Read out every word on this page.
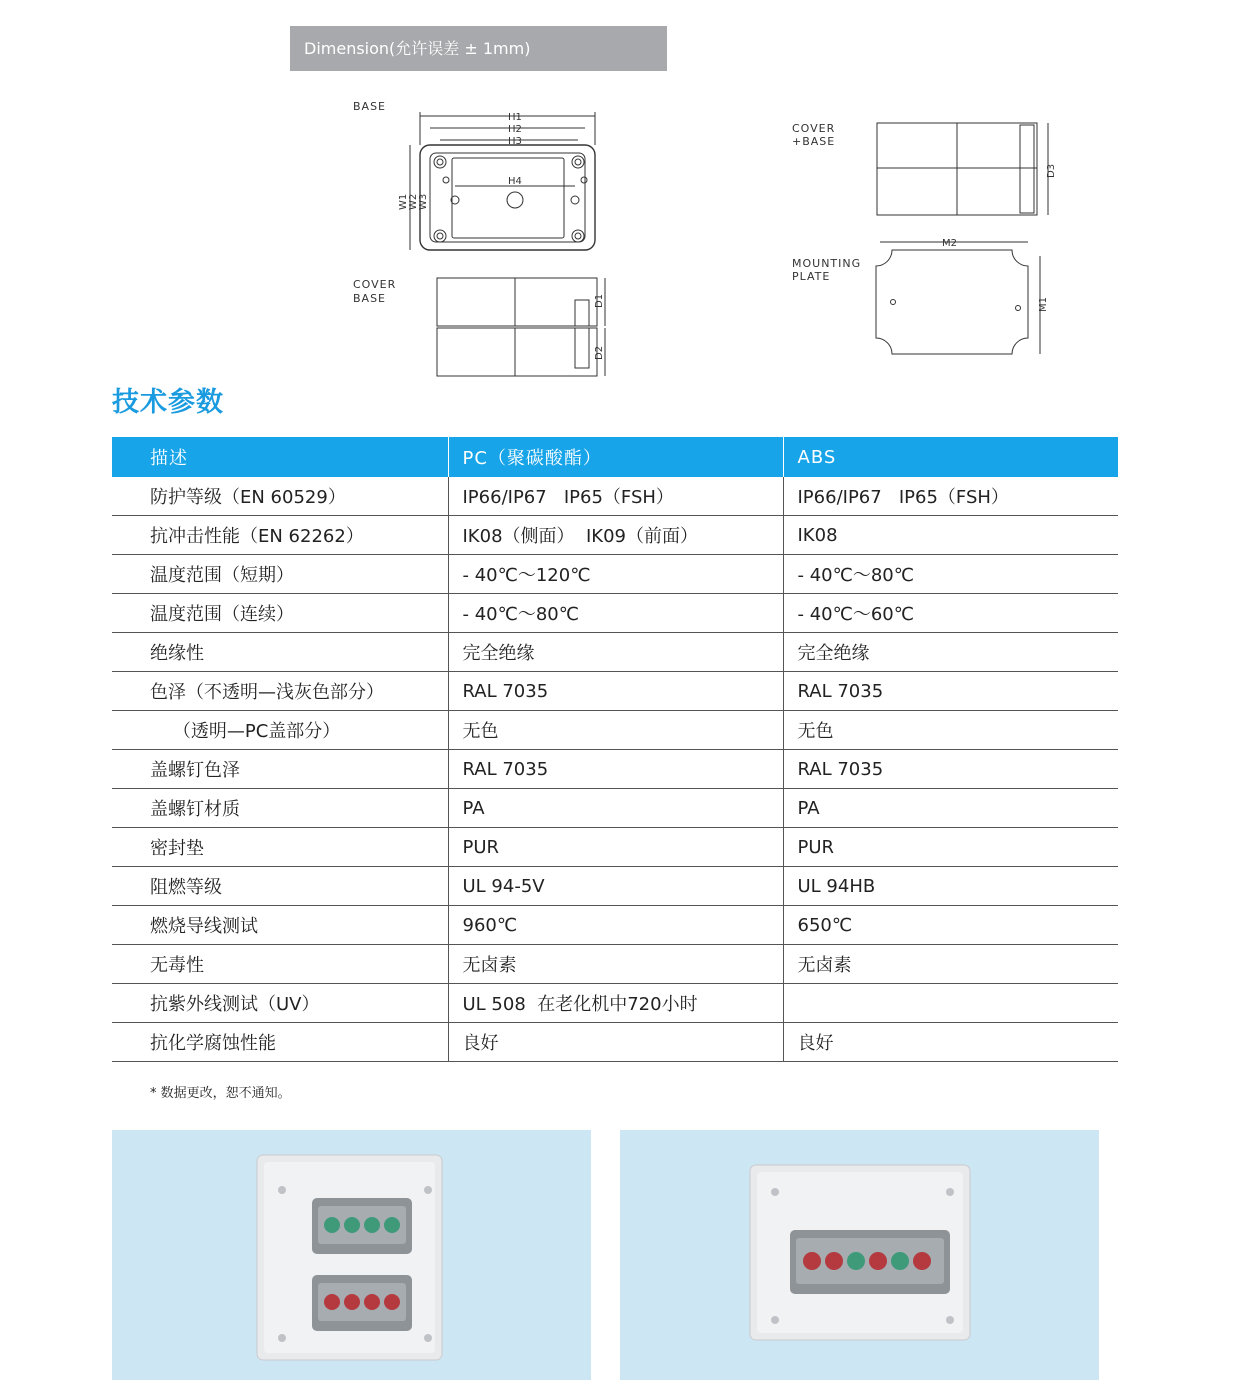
Dimension(允许误差 ± 1mm)
BASE
H1
H2
H3
H4
W1 W2 W3
COVER
BASE	D1
D2
COVER
+BASE
D3
MOUNTING
PLATE
M2
M1
技术参数
描述	PC（聚碳酸酯）	ABS
防护等级（EN 60529）	IP66/IP67   IP65（FSH）	IP66/IP67   IP65（FSH）
抗冲击性能（EN 62262）	IK08（侧面）  IK09（前面）	IK08
温度范围（短期）	- 40℃～120℃	- 40℃～80℃
温度范围（连续）	- 40℃～80℃	- 40℃～60℃
绝缘性	完全绝缘	完全绝缘
色泽（不透明—浅灰色部分）	RAL 7035	RAL 7035
（透明—PC盖部分）	无色	无色
盖螺钉色泽	RAL 7035	RAL 7035
盖螺钉材质	PA	PA
密封垫	PUR	PUR
阻燃等级	UL 94-5V	UL 94HB
燃烧导线测试	960℃	650℃
无毒性	无卤素	无卤素
抗紫外线测试（UV）	UL 508  在老化机中720小时	
抗化学腐蚀性能	良好	良好
* 数据更改，恕不通知。
